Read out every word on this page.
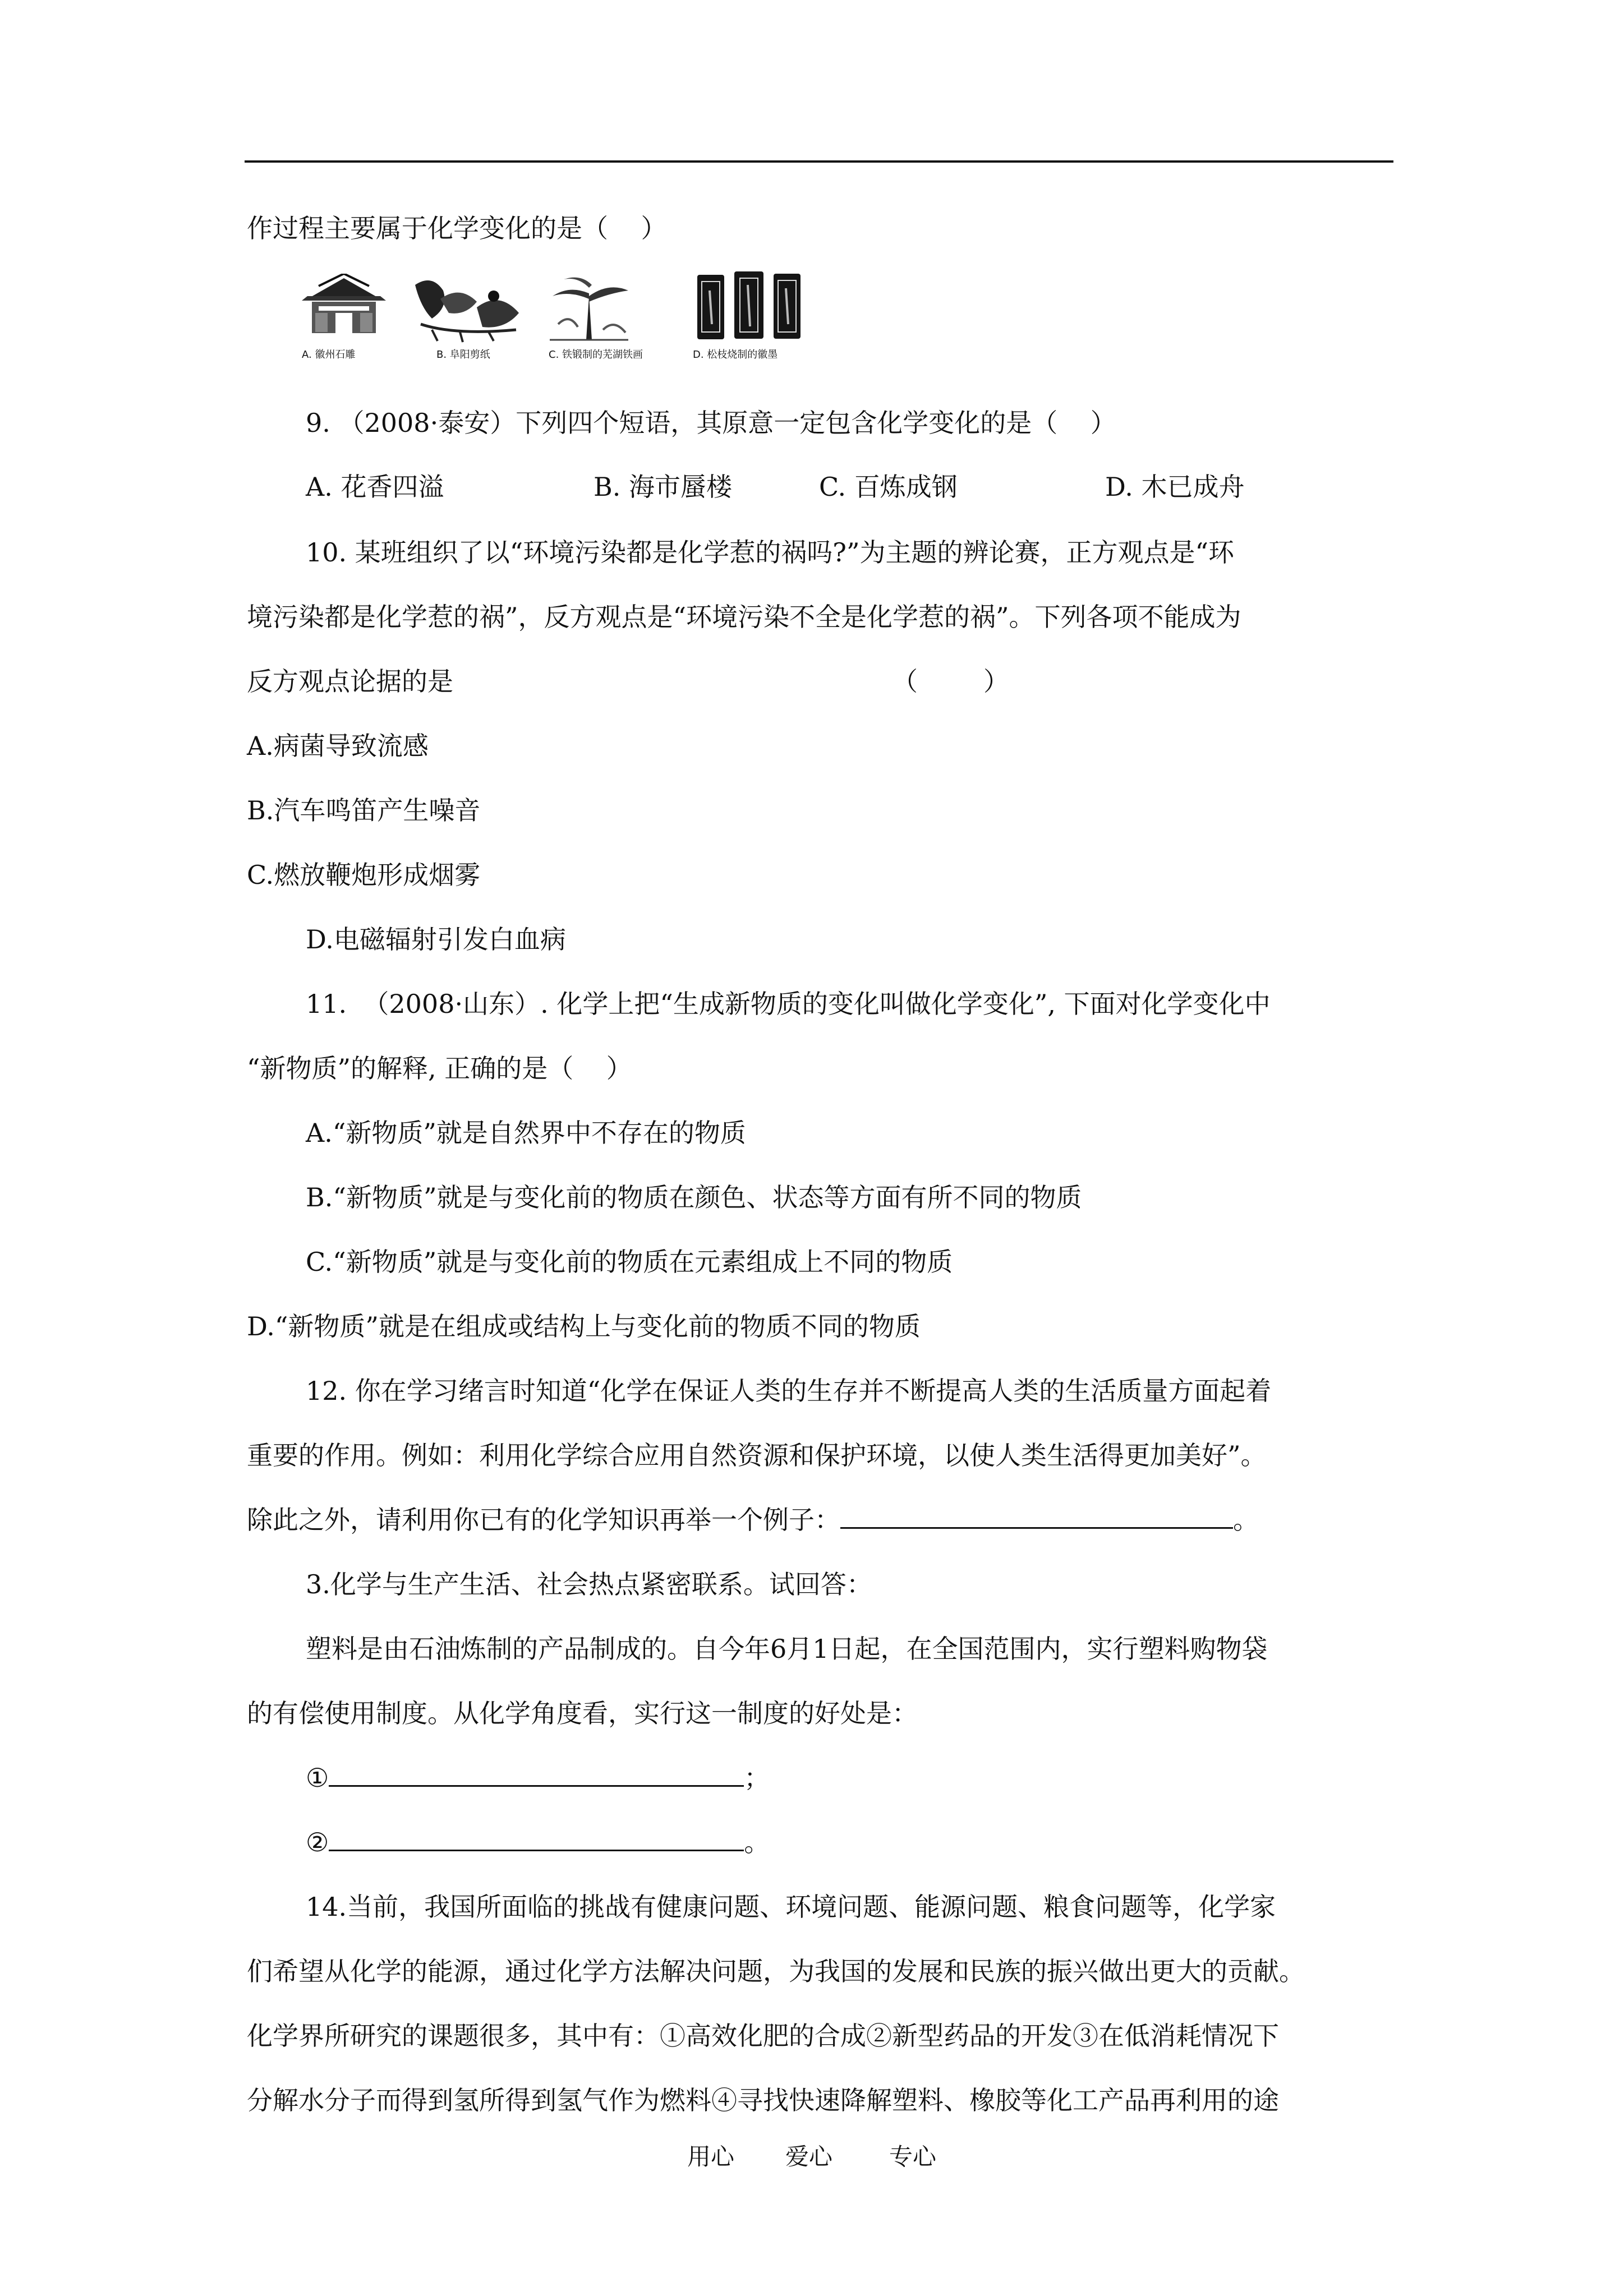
作过程主要属于化学变化的是（    ）
A. 徽州石雕	B. 阜阳剪纸	C. 铁锻制的芜湖铁画	D. 松枝烧制的徽墨
9. （2008·泰安）下列四个短语，其原意一定包含化学变化的是（    ）
A. 花香四溢	B. 海市蜃楼	C. 百炼成钢	D. 木已成舟
10. 某班组织了以“环境污染都是化学惹的祸吗?”为主题的辨论赛，正方观点是“环
境污染都是化学惹的祸”，反方观点是“环境污染不全是化学惹的祸”。下列各项不能成为
反方观点论据的是	（        ）
A.病菌导致流感
B.汽车鸣笛产生噪音
C.燃放鞭炮形成烟雾
D.电磁辐射引发白血病
11.  （2008·山东）. 化学上把“生成新物质的变化叫做化学变化”, 下面对化学变化中
“新物质”的解释, 正确的是（    ）
A.“新物质”就是自然界中不存在的物质
B.“新物质”就是与变化前的物质在颜色、状态等方面有所不同的物质
C.“新物质”就是与变化前的物质在元素组成上不同的物质
D.“新物质”就是在组成或结构上与变化前的物质不同的物质
12. 你在学习绪言时知道“化学在保证人类的生存并不断提高人类的生活质量方面起着
重要的作用。例如：利用化学综合应用自然资源和保护环境，以使人类生活得更加美好”。
除此之外，请利用你已有的化学知识再举一个例子：	。
3.化学与生产生活、社会热点紧密联系。试回答：
塑料是由石油炼制的产品制成的。自今年6月1日起，在全国范围内，实行塑料购物袋
的有偿使用制度。从化学角度看，实行这一制度的好处是：
①	；
②	。
14.当前，我国所面临的挑战有健康问题、环境问题、能源问题、粮食问题等，化学家
们希望从化学的能源，通过化学方法解决问题，为我国的发展和民族的振兴做出更大的贡献。
化学界所研究的课题很多，其中有：①高效化肥的合成②新型药品的开发③在低消耗情况下
分解水分子而得到氢所得到氢气作为燃料④寻找快速降解塑料、橡胶等化工产品再利用的途
用心 爱心 专心
